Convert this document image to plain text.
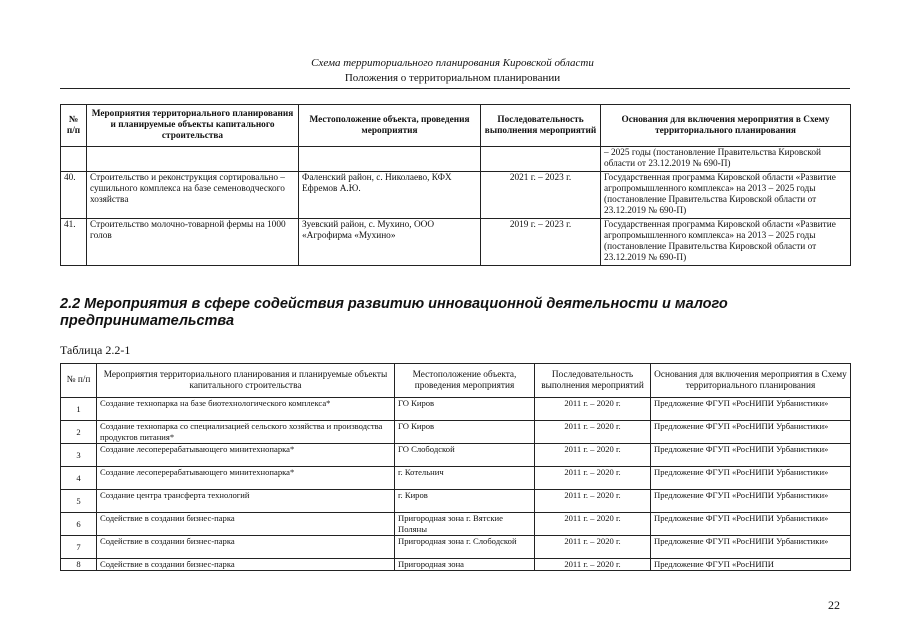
Схема территориального планирования Кировской области
Положения о территориальном планировании
№ п/п	Мероприятия территориального планирования и планируемые объекты капитального строительства	Местоположение объекта, проведения мероприятия	Последовательность выполнения мероприятий	Основания для включения мероприятия в Схему территориального планирования
				– 2025 годы (постановление Правительства Кировской области от 23.12.2019 № 690-П)
40.	Строительство и реконструкция сортировально – сушильного комплекса на базе семеноводческого хозяйства	Фаленский район, с. Николаево, КФХ Ефремов А.Ю.	2021 г. – 2023 г.	Государственная программа Кировской области «Развитие агропромышленного комплекса» на 2013 – 2025 годы (постановление Правительства Кировской области от 23.12.2019 № 690-П)
41.	Строительство молочно-товарной фермы на 1000 голов	Зуевский район, с. Мухино, ООО «Агрофирма «Мухино»	2019 г. – 2023 г.	Государственная программа Кировской области «Развитие агропромышленного комплекса» на 2013 – 2025 годы (постановление Правительства Кировской области от 23.12.2019 № 690-П)
2.2 Мероприятия в сфере содействия развитию инновационной деятельности и малого предпринимательства
Таблица 2.2-1
№ п/п	Мероприятия территориального планирования и планируемые объекты капитального строительства	Местоположение объекта, проведения мероприятия	Последовательность выполнения мероприятий	Основания для включения мероприятия в Схему территориального планирования
1	Создание технопарка на базе биотехнологического комплекса*	ГО Киров	2011 г. – 2020 г.	Предложение ФГУП «РосНИПИ Урбанистики»
2	Создание технопарка со специализацией сельского хозяйства и производства продуктов питания*	ГО Киров	2011 г. – 2020 г.	Предложение ФГУП «РосНИПИ Урбанистики»
3	Создание лесоперерабатывающего минитехнопарка*	ГО Слободской	2011 г. – 2020 г.	Предложение ФГУП «РосНИПИ Урбанистики»
4	Создание лесоперерабатывающего минитехнопарка*	г. Котельнич	2011 г. – 2020 г.	Предложение ФГУП «РосНИПИ Урбанистики»
5	Создание центра трансферта технологий	г. Киров	2011 г. – 2020 г.	Предложение ФГУП «РосНИПИ Урбанистики»
6	Содействие в создании бизнес-парка	Пригородная зона г. Вятские Поляны	2011 г. – 2020 г.	Предложение ФГУП «РосНИПИ Урбанистики»
7	Содействие в создании бизнес-парка	Пригородная зона г. Слободской	2011 г. – 2020 г.	Предложение ФГУП «РосНИПИ Урбанистики»
8	Содействие в создании бизнес-парка	Пригородная зона	2011 г. – 2020 г.	Предложение ФГУП «РосНИПИ
22
